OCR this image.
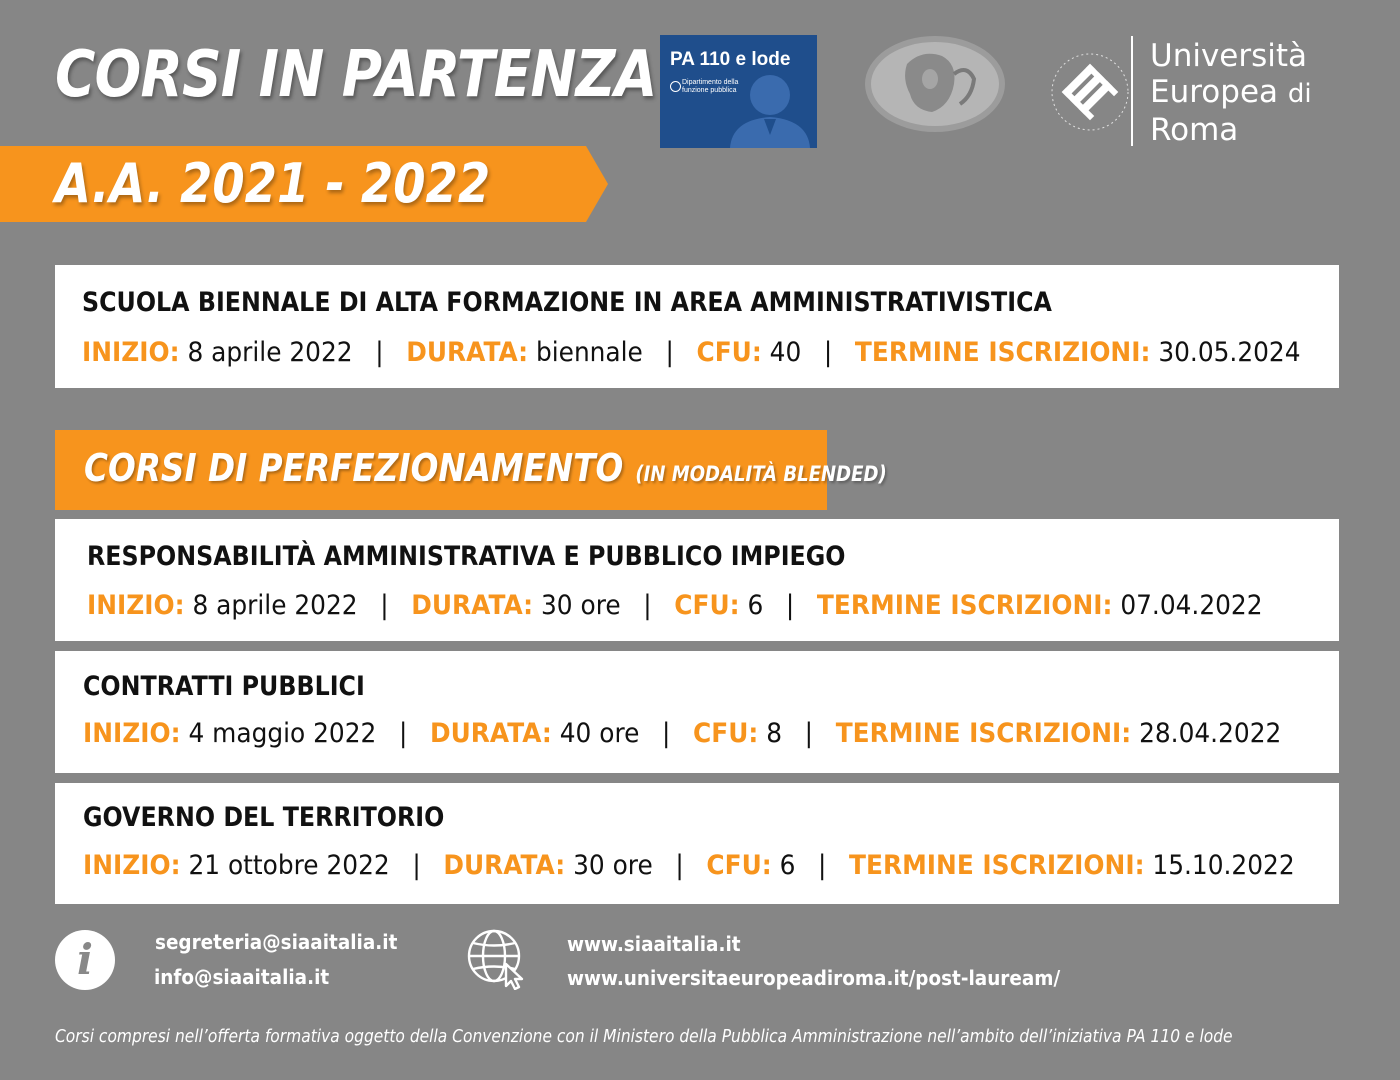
CORSI IN PARTENZA
A.A. 2021 - 2022
PA 110 e lode
Dipartimento della funzione pubblica
Università
Europea di
Roma
SCUOLA BIENNALE DI ALTA FORMAZIONE IN AREA AMMINISTRATIVISTICA
INIZIO: 8 aprile 2022 | DURATA: biennale | CFU: 40 | TERMINE ISCRIZIONI: 30.05.2024
CORSI DI PERFEZIONAMENTO (IN MODALITÀ BLENDED)
RESPONSABILITÀ AMMINISTRATIVA E PUBBLICO IMPIEGO
INIZIO: 8 aprile 2022 | DURATA: 30 ore | CFU: 6 | TERMINE ISCRIZIONI: 07.04.2022
CONTRATTI PUBBLICI
INIZIO: 4 maggio 2022 | DURATA: 40 ore | CFU: 8 | TERMINE ISCRIZIONI: 28.04.2022
GOVERNO DEL TERRITORIO
INIZIO: 21 ottobre 2022 | DURATA: 30 ore | CFU: 6 | TERMINE ISCRIZIONI: 15.10.2022
i	segreteria@siaaitalia.it
info@siaaitalia.it
www.siaaitalia.it
www.universitaeuropeadiroma.it/post-lauream/
Corsi compresi nell’offerta formativa oggetto della Convenzione con il Ministero della Pubblica Amministrazione nell’ambito dell’iniziativa PA 110 e lode
